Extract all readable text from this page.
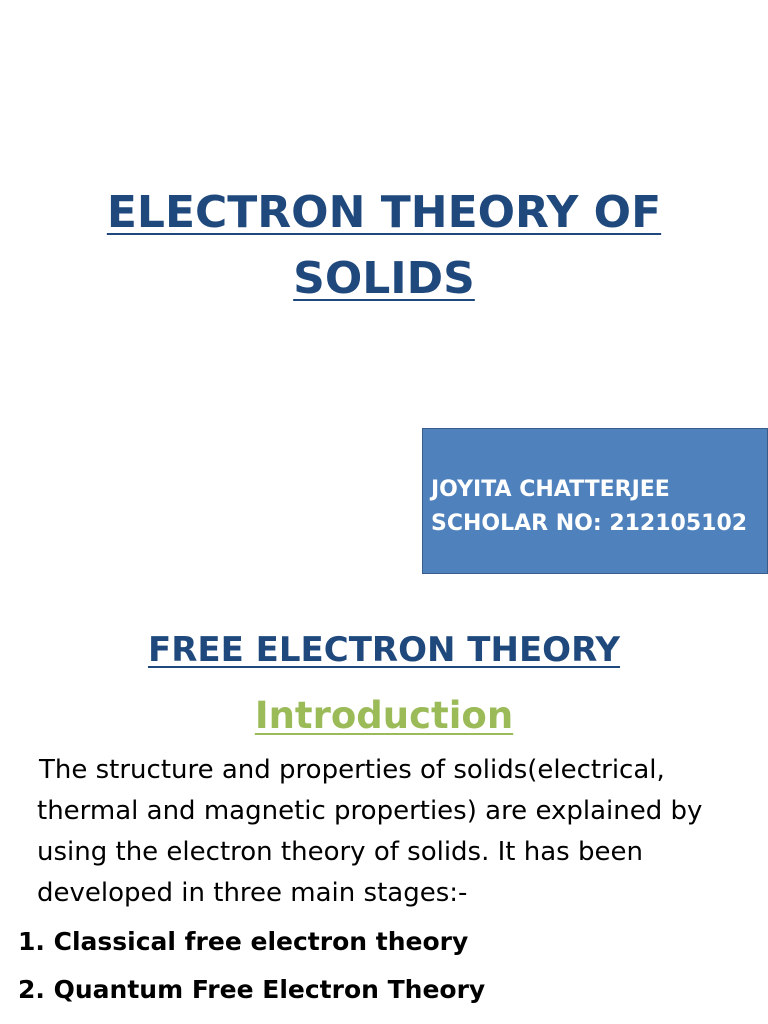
ELECTRON THEORY OF
SOLIDS
JOYITA CHATTERJEE
SCHOLAR NO: 212105102
FREE ELECTRON THEORY
Introduction

The structure and properties of solids(electrical,
thermal and magnetic properties) are explained by
using the electron theory of solids. It has been
developed in three main stages:-

1. Classical free electron theory
2. Quantum Free Electron Theory
